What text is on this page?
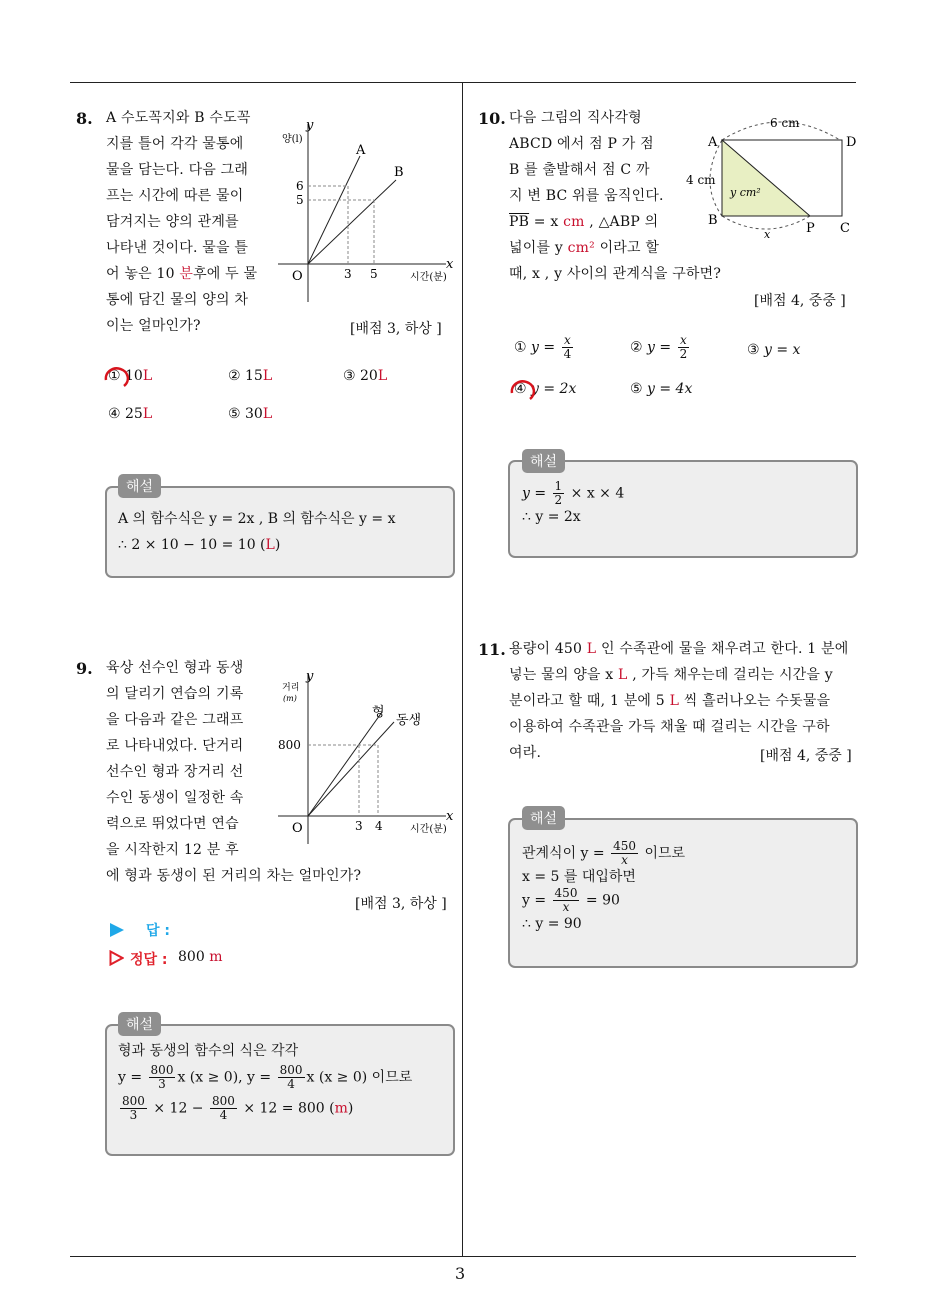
3
8. A 수도꼭지와 B 수도꼭
지를 틀어 각각 물통에
물을 담는다. 다음 그래
프는 시간에 따른 물이
담겨지는 양의 관계를
나타낸 것이다. 물을 틀
어 놓은 10 분후에 두 물
통에 담긴 물의 양의 차
이는 얼마인가?
y
x
양(l)
시간(분)
O
A
B
6
5
3 5
[배점 3, 하상 ]
① 10L	② 15L	③ 20L
④ 25L	⑤ 30L
해설
A 의 함수식은 y = 2x , B 의 함수식은 y = x
∴ 2 × 10 − 10 = 10 (L)
9. 육상 선수인 형과 동생
의 달리기 연습의 기록
을 다음과 같은 그래프
로 나타내었다. 단거리
선수인 형과 장거리 선
수인 동생이 일정한 속
력으로 뛰었다면 연습
을 시작한지 12 분 후
에 형과 동생이 된 거리의 차는 얼마인가?
y
x
거리
(m)
시간(분)
O
형
동생
800
3 4
[배점 3, 하상 ]
답 :
정답 : 800 m
해설
형과 동생의 함수의 식은 각각
$y = \frac{800}{3}$ x (x ≥ 0), $y = \frac{800}{4}$ x (x ≥ 0) 이므로
$\frac{800}{3} \times 12 - \frac{800}{4} \times 12 = 800$ (m)
10. 다음 그림의 직사각형
ABCD 에서 점 P 가 점
B 를 출발해서 점 C 까
지 변 BC 위를 움직인다.
$\overline{PB} = x$ cm , △ABP 의
넓이를 y cm² 이라고 할
때, x , y 사이의 관계식을 구하면?
[배점 4, 중중 ]
A	D
B
P C
6 cm
4 cm
y cm²
x
① $y = \frac{x}{4}$	② $y = \frac{x}{2}$	③ y = x
④ y = 2x	⑤ y = 4x
해설
$y = \frac{1}{2} \times x \times 4$
∴ y = 2x
11. 용량이 450 L 인 수족관에 물을 채우려고 한다. 1 분에
넣는 물의 양을 x L , 가득 채우는데 걸리는 시간을 y
분이라고 할 때, 1 분에 5 L 씩 흘러나오는 수돗물을
이용하여 수족관을 가득 채울 때 걸리는 시간을 구하
여라.	[배점 4, 중중 ]
해설
관계식이 $y = \frac{450}{x}$ 이므로
x = 5 를 대입하면
$y = \frac{450}{x} = 90$
∴ y = 90
